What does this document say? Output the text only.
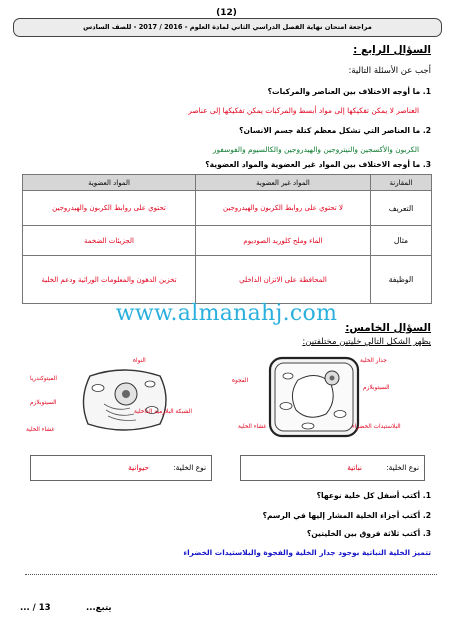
(12)
مراجعة امتحان نهاية الفصل الدراسي الثاني لمادة العلوم - 2016 / 2017 - للصف السادس
السؤال الرابع :
أجب عن الأسئلة التالية:
1. ما أوجه الاختلاف بين العناصر والمركبات؟
العناصر لا يمكن تفكيكها إلى مواد أبسط والمركبات يمكن تفكيكها إلى عناصر
2. ما العناصر التي تشكل معظم كتلة جسم الانسان؟
الكربون والأكسجين والنيتروجين والهيدروجين والكالسيوم والفوسفور
3. ما أوجه الاختلاف بين المواد غير العضوية والمواد العضوية؟
المقارنة	المواد غير العضوية	المواد العضوية
التعريف	لا تحتوي على روابط الكربون والهيدروجين	تحتوي على روابط الكربون والهيدروجين
مثال	الماء وملح كلوريد الصوديوم	الجزيئات الضخمة
الوظيفة	المحافظة على الاتزان الداخلي	تخزين الدهون والمعلومات الوراثية ودعم الخلية
www.almanahj.com
السؤال الخامس:
يظهر الشكل التالي خليتين مختلفتين:
جدار الخلية
الفجوة
السيتوبلازم
غشاء الخلية	البلاستيدات الخضراء
النواة
الميتوكندريا
السيتوبلازم
الشبكة البلازمية الداخلية
غشاء الخلية
نوع الخلية:
نباتية
نوع الخلية:
حيوانية
1. أكتب أسفل كل خلية نوعها؟
2. أكتب أجزاء الخلية المشار إليها في الرسم؟
3. أكتب ثلاثة فروق بين الخليتين؟
تتميز الخلية النباتية بوجود جدار الخلية والفجوة والبلاستيدات الخضراء
يتبع...
13 / ...
